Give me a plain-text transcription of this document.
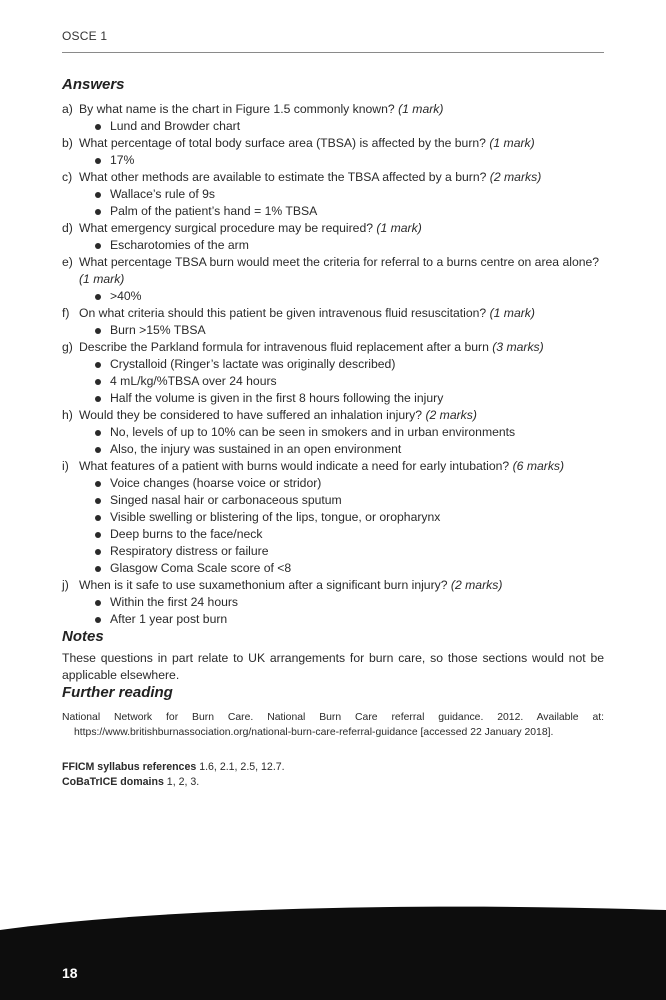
OSCE 1
Answers
a) By what name is the chart in Figure 1.5 commonly known? (1 mark)
Lund and Browder chart
b) What percentage of total body surface area (TBSA) is affected by the burn? (1 mark)
17%
c) What other methods are available to estimate the TBSA affected by a burn? (2 marks)
Wallace’s rule of 9s
Palm of the patient’s hand = 1% TBSA
d) What emergency surgical procedure may be required? (1 mark)
Escharotomies of the arm
e) What percentage TBSA burn would meet the criteria for referral to a burns centre on area alone? (1 mark)
>40%
f) On what criteria should this patient be given intravenous fluid resuscitation? (1 mark)
Burn >15% TBSA
g) Describe the Parkland formula for intravenous fluid replacement after a burn (3 marks)
Crystalloid (Ringer’s lactate was originally described)
4 mL/kg/%TBSA over 24 hours
Half the volume is given in the first 8 hours following the injury
h) Would they be considered to have suffered an inhalation injury? (2 marks)
No, levels of up to 10% can be seen in smokers and in urban environments
Also, the injury was sustained in an open environment
i) What features of a patient with burns would indicate a need for early intubation? (6 marks)
Voice changes (hoarse voice or stridor)
Singed nasal hair or carbonaceous sputum
Visible swelling or blistering of the lips, tongue, or oropharynx
Deep burns to the face/neck
Respiratory distress or failure
Glasgow Coma Scale score of <8
j) When is it safe to use suxamethonium after a significant burn injury? (2 marks)
Within the first 24 hours
After 1 year post burn
Notes

These questions in part relate to UK arrangements for burn care, so those sections would not be applicable elsewhere.

Further reading

National Network for Burn Care. National Burn Care referral guidance. 2012. Available at: https://www.britishburnassociation.org/national-burn-care-referral-guidance [accessed 22 January 2018].

FFICM syllabus references 1.6, 2.1, 2.5, 12.7.
CoBaTrICE domains 1, 2, 3.
18
